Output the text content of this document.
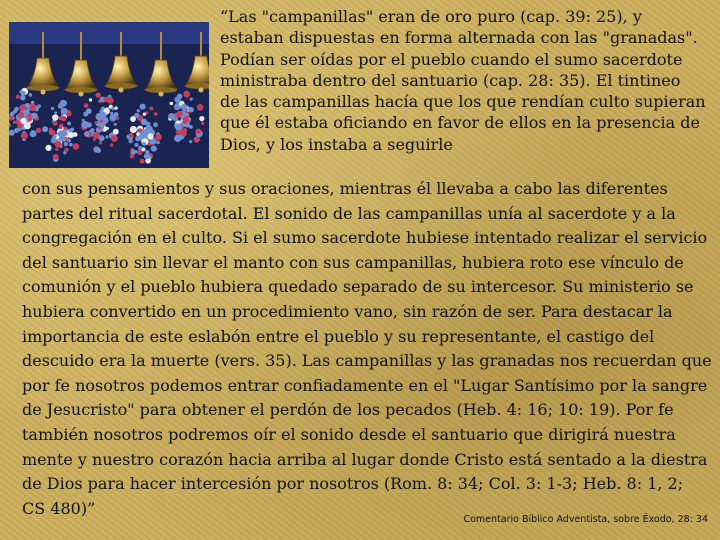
“Las "campanillas" eran de oro puro (cap. 39: 25), y
estaban dispuestas en forma alternada con las "granadas".
Podían ser oídas por el pueblo cuando el sumo sacerdote
ministraba dentro del santuario (cap. 28: 35). El tintineo
de las campanillas hacía que los que rendían culto supieran
que él estaba oficiando en favor de ellos en la presencia de
Dios, y los instaba a seguirle
con sus pensamientos y sus oraciones, mientras él llevaba a cabo las diferentes
partes del ritual sacerdotal. El sonido de las campanillas unía al sacerdote y a la
congregación en el culto. Si el sumo sacerdote hubiese intentado realizar el servicio
del santuario sin llevar el manto con sus campanillas, hubiera roto ese vínculo de
comunión y el pueblo hubiera quedado separado de su intercesor. Su ministerio se
hubiera convertido en un procedimiento vano, sin razón de ser. Para destacar la
importancia de este eslabón entre el pueblo y su representante, el castigo del
descuido era la muerte (vers. 35). Las campanillas y las granadas nos recuerdan que
por fe nosotros podemos entrar confiadamente en el "Lugar Santísimo por la sangre
de Jesucristo" para obtener el perdón de los pecados (Heb. 4: 16; 10: 19). Por fe
también nosotros podremos oír el sonido desde el santuario que dirigirá nuestra
mente y nuestro corazón hacia arriba al lugar donde Cristo está sentado a la diestra
de Dios para hacer intercesión por nosotros (Rom. 8: 34; Col. 3: 1-3; Heb. 8: 1, 2;
CS 480)”
Comentario Bíblico Adventista, sobre Éxodo, 28: 34
